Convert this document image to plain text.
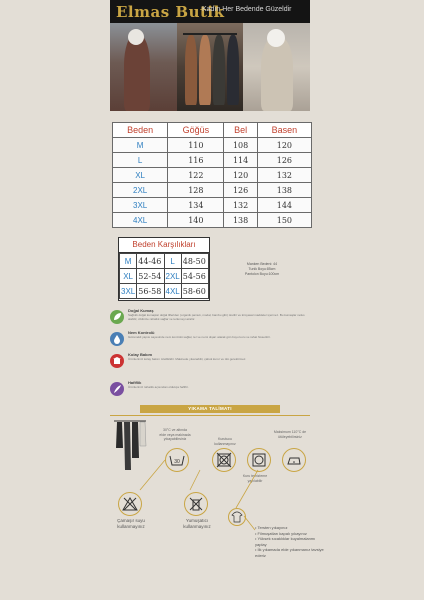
Elmas Butik
Kadın Her Bedende Güzeldir
Beden	Göğüs	Bel	Basen
M	110	108	120
L	116	114	126
XL	122	120	132
2XL	128	126	138
3XL	134	132	144
4XL	140	138	150
Beden Karşılıkları
M	44-46	L	48-50
XL	52-54	2XL	54-56
3XL	56-58	4XL	58-60
Manken Bedeni: 44
Tunik Boyu:85cm
Pantolon Boyu:100cm
Doğal Kumaş
Sağlıklı doğal kumaşlar doğal lifleriden (organik pamuk, modal, bambu gibi) üretilir ve kimyasal maddeler içermez. Bu kumaşlar nefes alabilir, cildinize rahatlık sağlar ve terlemeyi azaltır.
Nem Kontrolü
Gözenekli yapısı sayesinde nem kontrolü sağlar, ter ve nemi dışarı atarak gün boyu kuru ve rahat hissettirir.
Kolay Bakım
Ürünlerimiz kolay bakım özelliklidir. Makinede yıkanabilir, çabuk kurur ve ütü gerektirmez.
Hafiflik
Ürünlerimiz rahatlık açısından oldukça hafiftir.
YIKAMA TALİMATI
30°C ve altında
elde veya makinada
yıkayabilirsiniz
30
Kurutucu
kullanmayınız
Kuru temizleme
yapılabilir
Maksimum 110°C de
ütüleyebilirsiniz
Çamaşır suyu
kullanmayınız
Yumuşatıcı
kullanmayınız	• Tersten yıkayınız
• Filmuşatları kapalı yıkayınız
• Yüksek sıcaklıklar kuyalmalanmı yaplay
• İlk yıkamada elde yıkanmanız tavsiye ederiz
